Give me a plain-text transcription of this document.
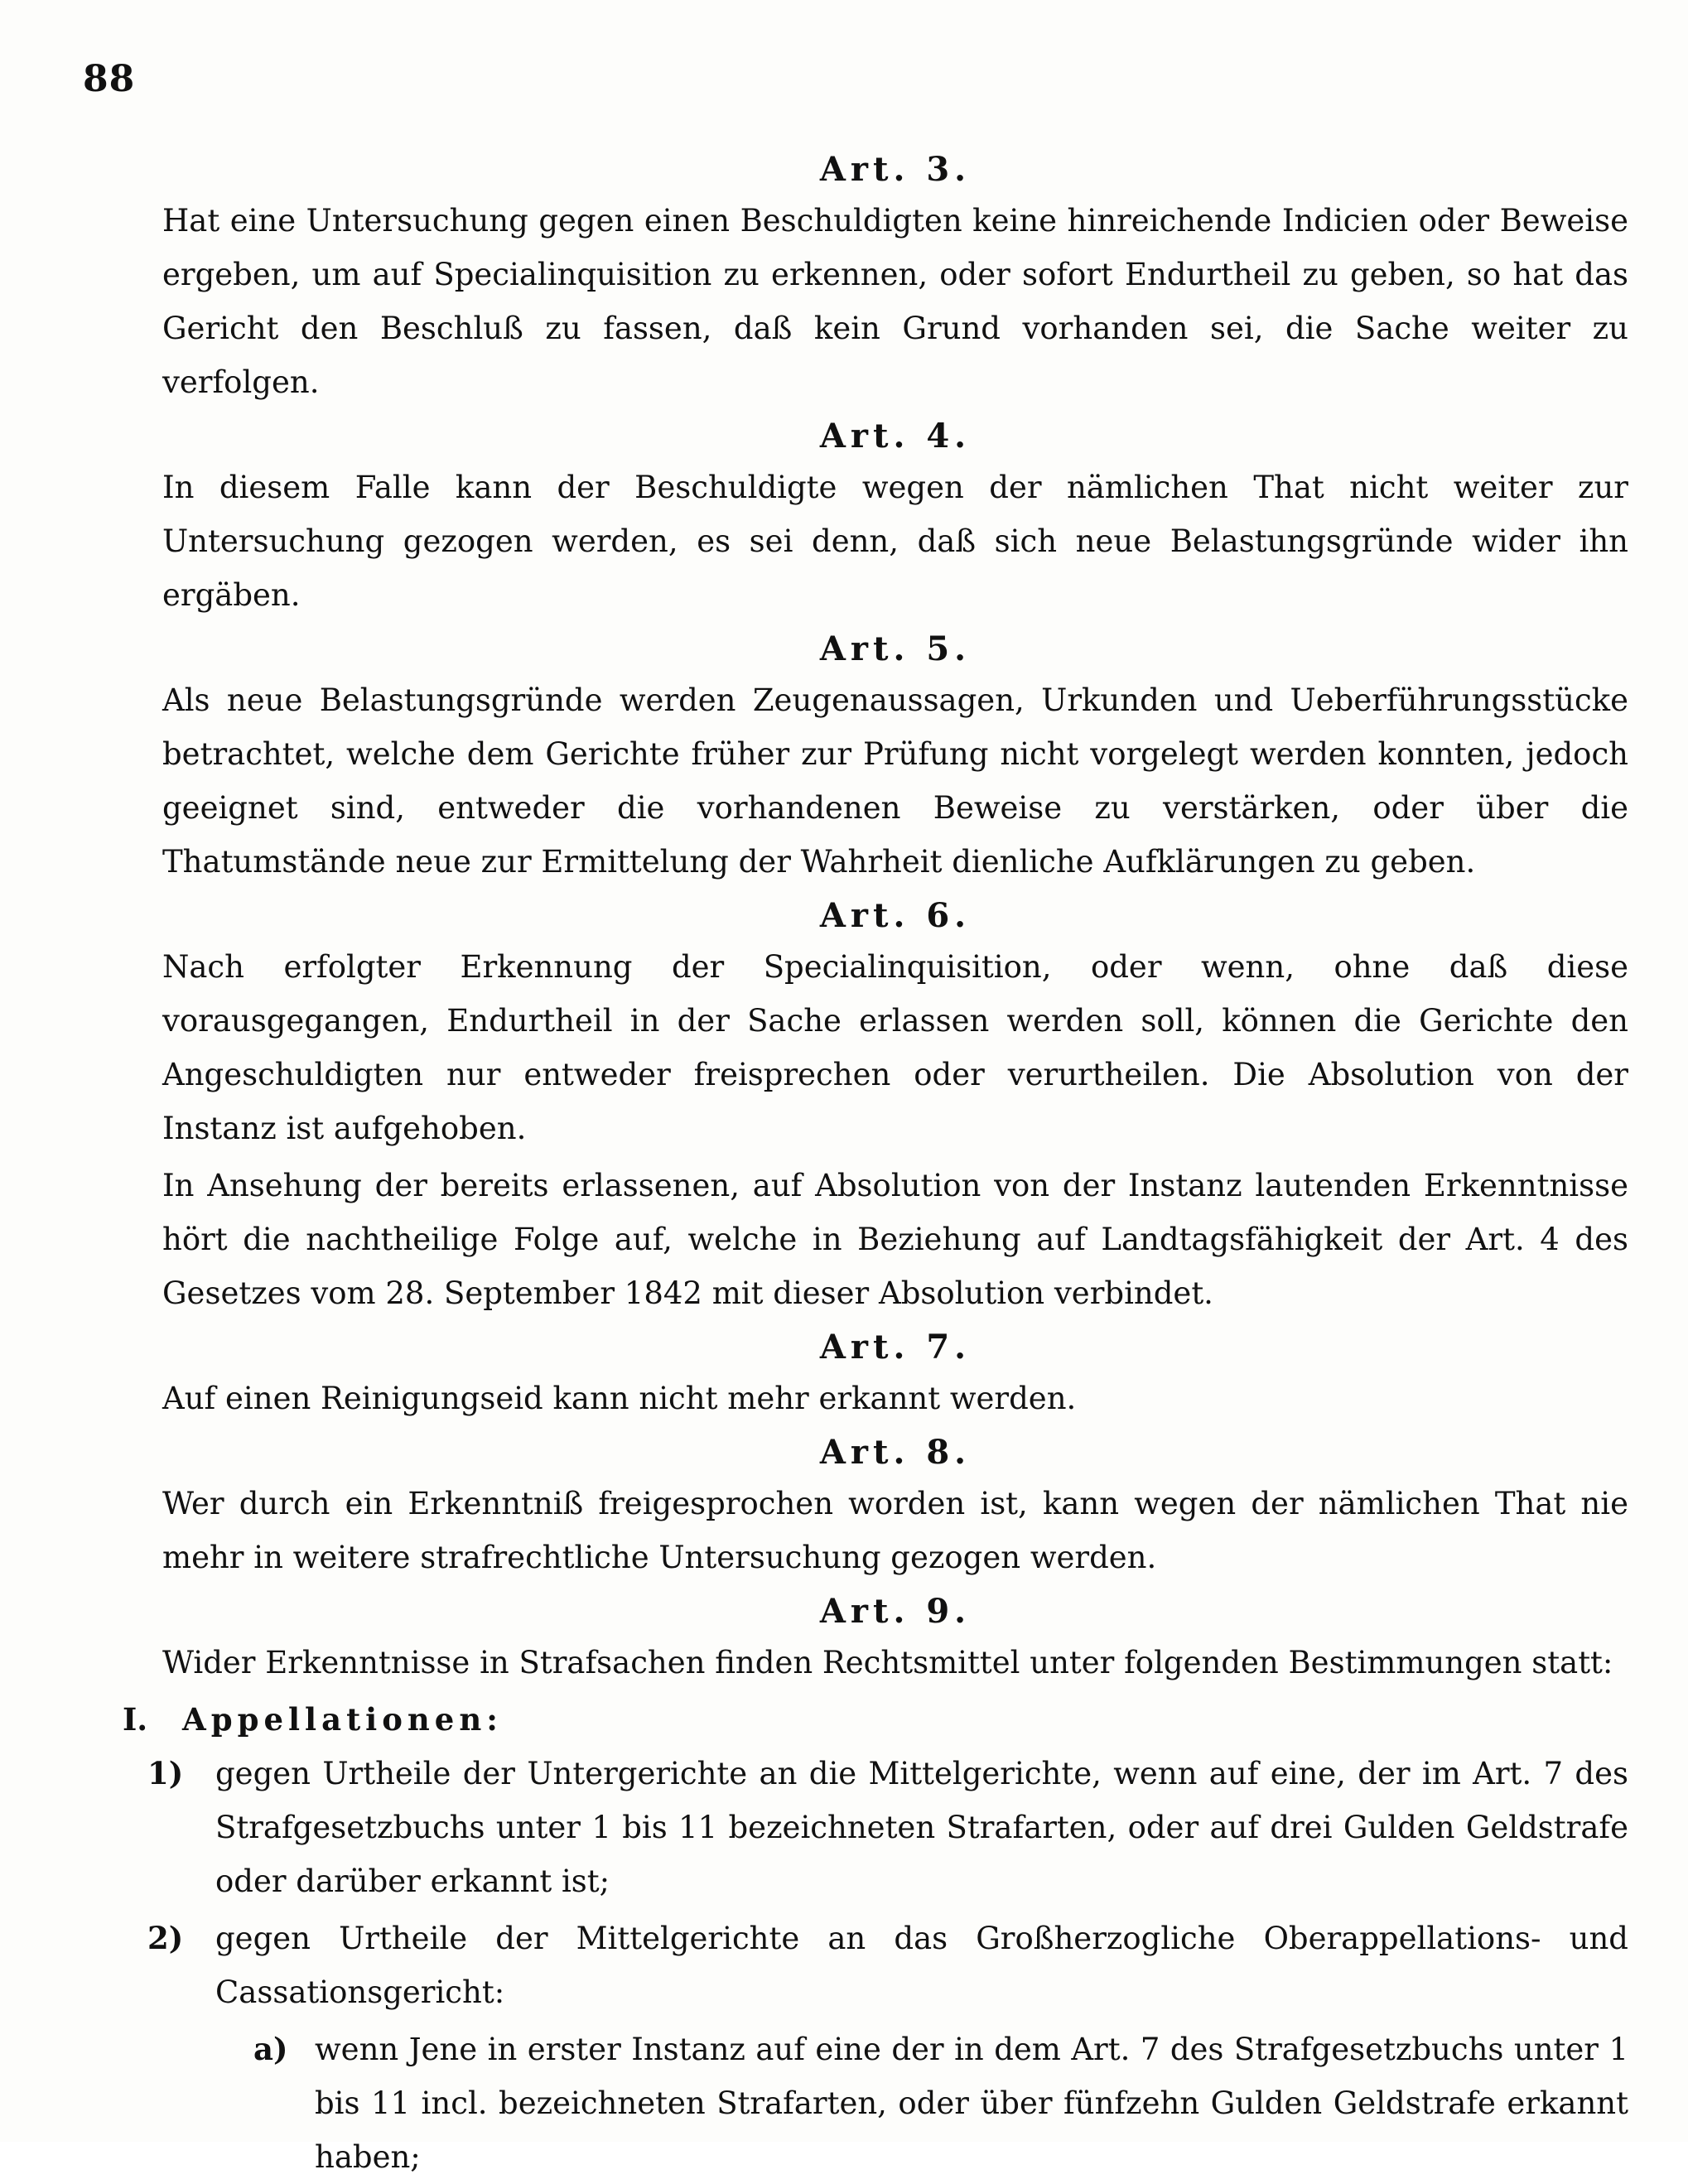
88
Art. 3.

Hat eine Untersuchung gegen einen Beschuldigten keine hinreichende Indicien oder Beweise ergeben, um auf Specialinquisition zu erkennen, oder sofort Endurtheil zu geben, so hat das Gericht den Beschluß zu fassen, daß kein Grund vorhanden sei, die Sache weiter zu verfolgen.

Art. 4.

In diesem Falle kann der Beschuldigte wegen der nämlichen That nicht weiter zur Untersuchung gezogen werden, es sei denn, daß sich neue Belastungsgründe wider ihn ergäben.

Art. 5.

Als neue Belastungsgründe werden Zeugenaussagen, Urkunden und Ueberführungsstücke betrachtet, welche dem Gerichte früher zur Prüfung nicht vorgelegt werden konnten, jedoch geeignet sind, entweder die vorhandenen Beweise zu verstärken, oder über die Thatumstände neue zur Ermittelung der Wahrheit dienliche Aufklärungen zu geben.

Art. 6.

Nach erfolgter Erkennung der Specialinquisition, oder wenn, ohne daß diese vorausgegangen, Endurtheil in der Sache erlassen werden soll, können die Gerichte den Angeschuldigten nur entweder freisprechen oder verurtheilen. Die Absolution von der Instanz ist aufgehoben.

In Ansehung der bereits erlassenen, auf Absolution von der Instanz lautenden Erkenntnisse hört die nachtheilige Folge auf, welche in Beziehung auf Landtagsfähigkeit der Art. 4 des Gesetzes vom 28. September 1842 mit dieser Absolution verbindet.

Art. 7.

Auf einen Reinigungseid kann nicht mehr erkannt werden.

Art. 8.

Wer durch ein Erkenntniß freigesprochen worden ist, kann wegen der nämlichen That nie mehr in weitere strafrechtliche Untersuchung gezogen werden.

Art. 9.

Wider Erkenntnisse in Strafsachen finden Rechtsmittel unter folgenden Bestimmungen statt:

I.	Appellationen:
1)	gegen Urtheile der Untergerichte an die Mittelgerichte, wenn auf eine, der im Art. 7 des Strafgesetzbuchs unter 1 bis 11 bezeichneten Strafarten, oder auf drei Gulden Geldstrafe oder darüber erkannt ist;
2)	gegen Urtheile der Mittelgerichte an das Großherzogliche Oberappellations- und Cassationsgericht:
a) wenn Jene in erster Instanz auf eine der in dem Art. 7 des Strafgesetzbuchs unter 1 bis 11 incl. bezeichneten Strafarten, oder über fünfzehn Gulden Geldstrafe erkannt haben;
